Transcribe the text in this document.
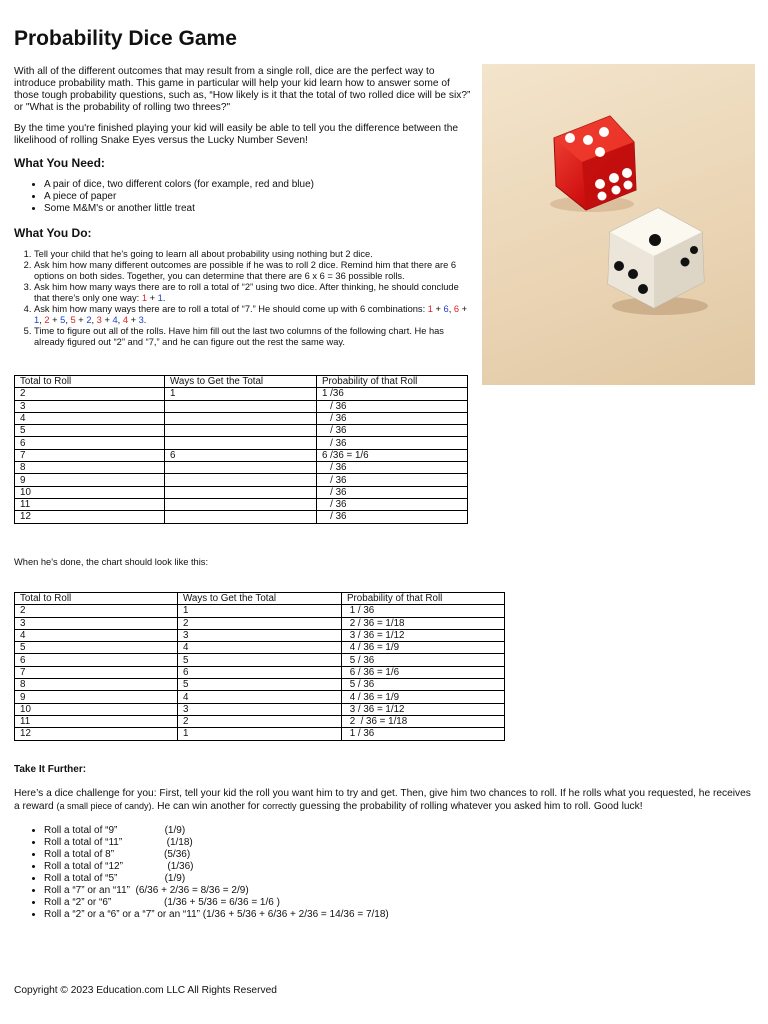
Probability Dice Game

With all of the different outcomes that may result from a single roll, dice are the perfect way to introduce probability math. This game in particular will help your kid learn how to answer some of those tough probability questions, such as, “How likely is it that the total of two rolled dice will be six?” or "What is the probability of rolling two threes?"

By the time you're finished playing your kid will easily be able to tell you the difference between the likelihood of rolling Snake Eyes versus the Lucky Number Seven!

What You Need:
• A pair of dice, two different colors (for example, red and blue)
• A piece of paper
• Some M&M's or another little treat
What You Do:
1. Tell your child that he's going to learn all about probability using nothing but 2 dice.
2. Ask him how many different outcomes are possible if he was to roll 2 dice. Remind him that there are 6 options on both sides. Together, you can determine that there are 6 x 6 = 36 possible rolls.
3. Ask him how many ways there are to roll a total of “2” using two dice. After thinking, he should conclude that there’s only one way: 1 + 1.
4. Ask him how many ways there are to roll a total of “7.” He should come up with 6 combinations: 1 + 6, 6 + 1, 2 + 5, 5 + 2, 3 + 4, 4 + 3.
5. Time to figure out all of the rolls. Have him fill out the last two columns of the following chart. He has already figured out “2” and “7,” and he can figure out the rest the same way.
Total to Roll	Ways to Get the Total	Probability of that Roll
2	1	1 /36
3		/ 36
4		/ 36
5		/ 36
6		/ 36
7	6	6 /36 = 1/6
8		/ 36
9		/ 36
10		/ 36
11		/ 36
12		/ 36
When he's done, the chart should look like this:
Total to Roll	Ways to Get the Total	Probability of that Roll
2	1	1 / 36
3	2	2 / 36 = 1/18
4	3	3 / 36 = 1/12
5	4	4 / 36 = 1/9
6	5	5 / 36
7	6	6 / 36 = 1/6
8	5	5 / 36
9	4	4 / 36 = 1/9
10	3	3 / 36 = 1/12
11	2	2  / 36 = 1/18
12	1	1 / 36
Take It Further:

Here’s a dice challenge for you: First, tell your kid the roll you want him to try and get. Then, give him two chances to roll. If he rolls what you requested, he receives a reward (a small piece of candy). He can win another for correctly guessing the probability of rolling whatever you asked him to roll. Good luck!

• Roll a total of “9”                 (1/9)
• Roll a total of “11”                (1/18)
• Roll a total of 8”                  (5/36)
• Roll a total of “12”                (1/36)
• Roll a total of “5”                 (1/9)
• Roll a “7” or an “11”  (6/36 + 2/36 = 8/36 = 2/9)
• Roll a “2” or “6”                   (1/36 + 5/36 = 6/36 = 1/6 )
• Roll a “2” or a “6” or a “7” or an “11” (1/36 + 5/36 + 6/36 + 2/36 = 14/36 = 7/18)
Copyright © 2023 Education.com LLC All Rights Reserved
